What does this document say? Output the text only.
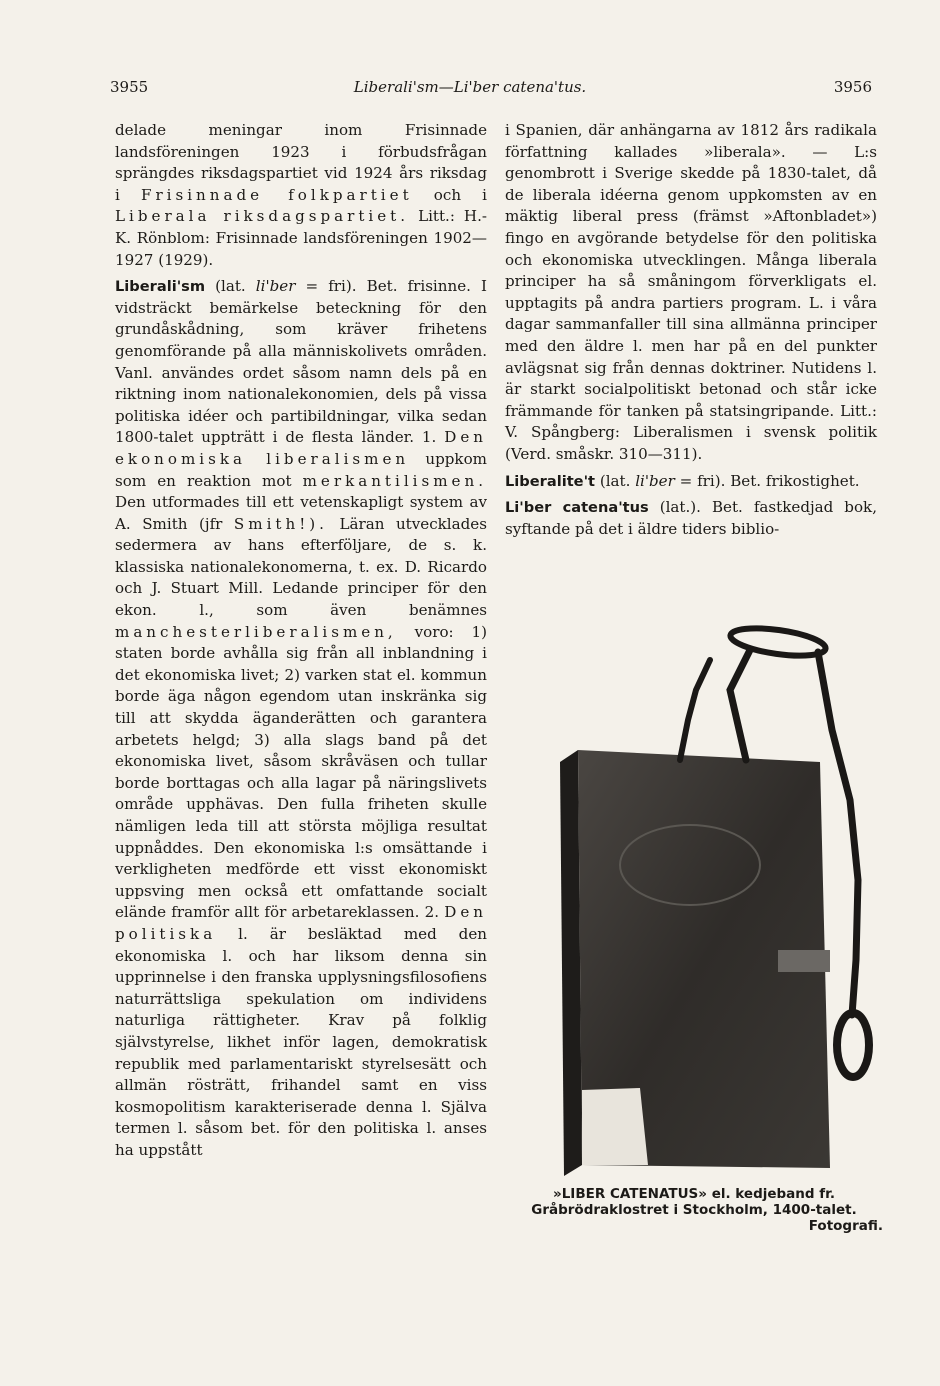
3955	Liberali'sm—Li'ber catena'tus.	3956

delade meningar inom Frisinnade landsföreningen 1923 i förbudsfrågan sprängdes riksdagspartiet vid 1924 års riksdag i Frisinnade folkpartiet och i Liberala riksdagspartiet. Litt.: H.-K. Rönblom: Frisinnade landsföreningen 1902—1927 (1929).

Liberali'sm (lat. li'ber = fri). Bet. frisinne. I vidsträckt bemärkelse beteckning för den grundåskådning, som kräver frihetens genomförande på alla människolivets områden. Vanl. användes ordet såsom namn dels på en riktning inom nationalekonomien, dels på vissa politiska idéer och partibildningar, vilka sedan 1800-talet uppträtt i de flesta länder. 1. Den ekonomiska liberalismen uppkom som en reaktion mot merkantilismen. Den utformades till ett vetenskapligt system av A. Smith (jfr Smith!). Läran utvecklades sedermera av hans efterföljare, de s. k. klassiska nationalekonomerna, t. ex. D. Ricardo och J. Stuart Mill. Ledande principer för den ekon. l., som även benämnes manchesterliberalismen, voro: 1) staten borde avhålla sig från all inblandning i det ekonomiska livet; 2) varken stat el. kommun borde äga någon egendom utan inskränka sig till att skydda äganderätten och garantera arbetets helgd; 3) alla slags band på det ekonomiska livet, såsom skråväsen och tullar borde borttagas och alla lagar på näringslivets område upphävas. Den fulla friheten skulle nämligen leda till att största möjliga resultat uppnåddes. Den ekonomiska l:s omsättande i verkligheten medförde ett visst ekonomiskt uppsving men också ett omfattande socialt elände framför allt för arbetareklassen. 2. Den politiska l. är besläktad med den ekonomiska l. och har liksom denna sin upprinnelse i den franska upplysningsfilosofiens naturrättsliga spekulation om individens naturliga rättigheter. Krav på folklig självstyrelse, likhet inför lagen, demokratisk republik med parlamentariskt styrelsesätt och allmän rösträtt, frihandel samt en viss kosmopolitism karakteriserade denna l. Själva termen l. såsom bet. för den politiska l. anses ha uppstått

i Spanien, där anhängarna av 1812 års radikala författning kallades »liberala». — L:s genombrott i Sverige skedde på 1830-talet, då de liberala idéerna genom uppkomsten av en mäktig liberal press (främst »Aftonbladet») fingo en avgörande betydelse för den politiska och ekonomiska utvecklingen. Många liberala principer ha så småningom förverkligats el. upptagits på andra partiers program. L. i våra dagar sammanfaller till sina allmänna principer med den äldre l. men har på en del punkter avlägsnat sig från dennas doktriner. Nutidens l. är starkt socialpolitiskt betonad och står icke främmande för tanken på statsingripande. Litt.: V. Spångberg: Liberalismen i svensk politik (Verd. småskr. 310—311).

Liberalite't (lat. li'ber = fri). Bet. frikostighet.

Li'ber catena'tus (lat.). Bet. fastkedjad bok, syftande på det i äldre tiders biblio-

»LIBER CATENATUS» el. kedjeband fr. Gråbrödraklostret i Stockholm, 1400-talet.
Fotografi.
